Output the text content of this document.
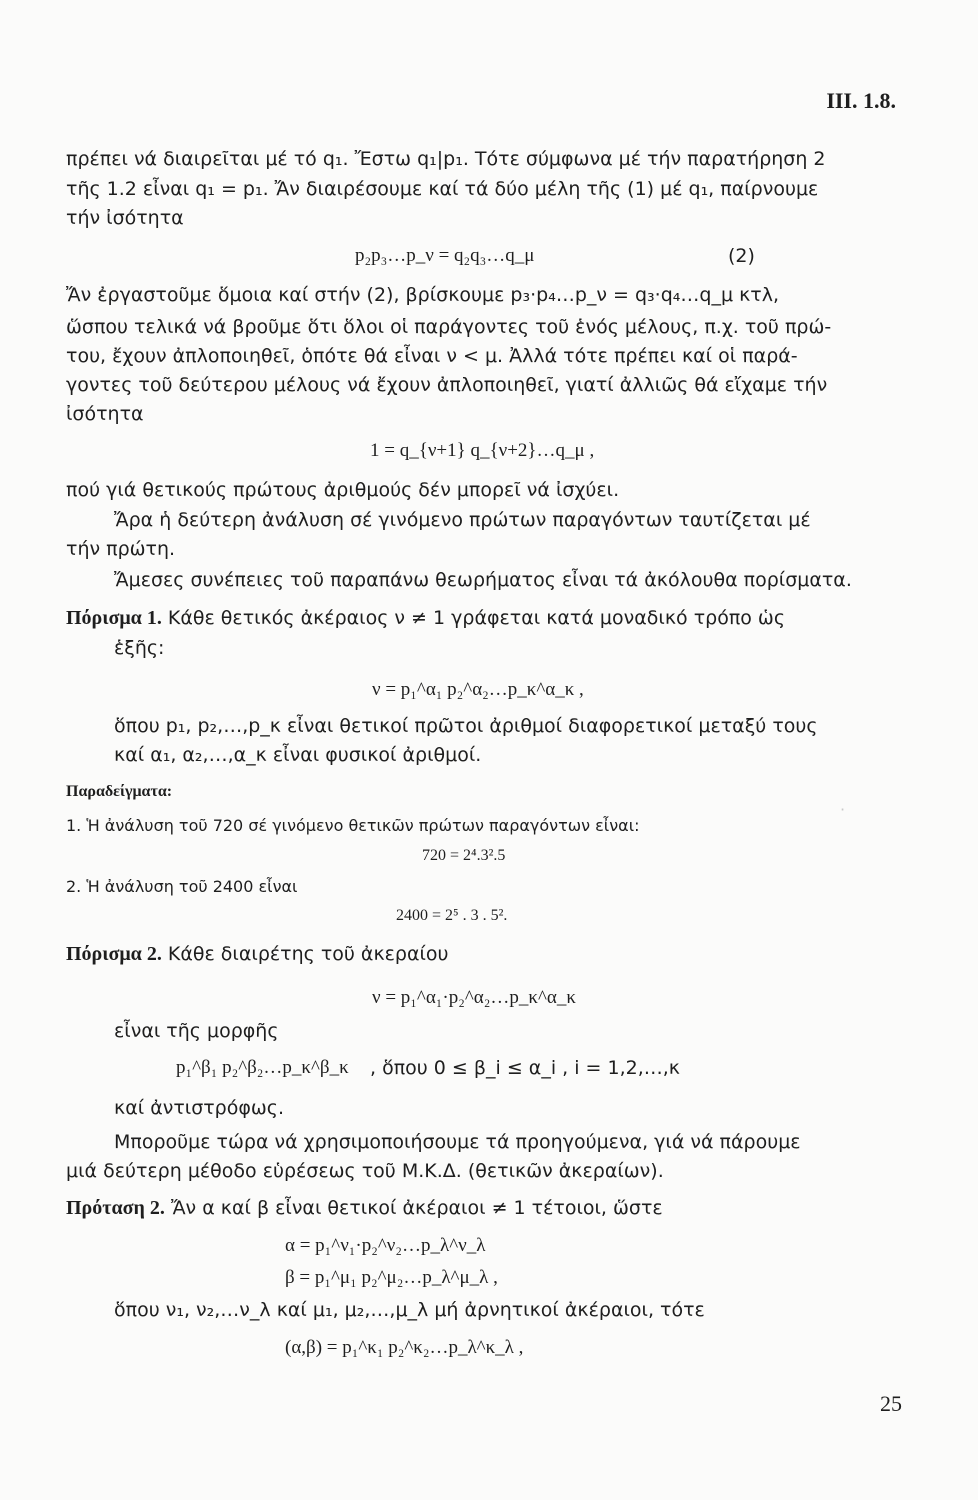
ΙΙΙ. 1.8.
·
πρέπει νά διαιρεῖται μέ τό q₁. Ἔστω q₁|p₁. Τότε σύμφωνα μέ τήν παρατήρηση 2
τῆς 1.2 εἶναι q₁ = p₁. Ἄν διαιρέσουμε καί τά δύο μέλη τῆς (1) μέ q₁, παίρνουμε
τήν ἰσότητα
p₂p₃…p_ν = q₂q₃…q_μ	(2)
Ἄν ἐργαστοῦμε ὅμοια καί στήν (2), βρίσκουμε p₃·p₄…p_ν = q₃·q₄…q_μ κτλ,
ὥσπου τελικά νά βροῦμε ὅτι ὅλοι οἱ παράγοντες τοῦ ἑνός μέλους, π.χ. τοῦ πρώ-
του, ἔχουν ἀπλοποιηθεῖ, ὁπότε θά εἶναι ν < μ. Ἀλλά τότε πρέπει καί οἱ παρά-
γοντες τοῦ δεύτερου μέλους νά ἔχουν ἀπλοποιηθεῖ, γιατί ἀλλιῶς θά εἴχαμε τήν
ἰσότητα
1 = q_{ν+1} q_{ν+2}…q_μ ,
πού γιά θετικούς πρώτους ἀριθμούς δέν μπορεῖ νά ἰσχύει.
Ἄρα ἡ δεύτερη ἀνάλυση σέ γινόμενο πρώτων παραγόντων ταυτίζεται μέ
τήν πρώτη.
Ἄμεσες συνέπειες τοῦ παραπάνω θεωρήματος εἶναι τά ἀκόλουθα πορίσματα.
Πόρισμα 1. Κάθε θετικός ἀκέραιος ν ≠ 1 γράφεται κατά μοναδικό τρόπο ὡς
ἑξῆς:
ν = p₁^α₁ p₂^α₂…p_κ^α_κ ,
ὅπου p₁, p₂,…,p_κ εἶναι θετικοί πρῶτοι ἀριθμοί διαφορετικοί μεταξύ τους
καί α₁, α₂,…,α_κ εἶναι φυσικοί ἀριθμοί.
Παραδείγματα:
1. Ἡ ἀνάλυση τοῦ 720 σέ γινόμενο θετικῶν πρώτων παραγόντων εἶναι:
720 = 2⁴.3².5
2. Ἡ ἀνάλυση τοῦ 2400 εἶναι
2400 = 2⁵ . 3 . 5².
Πόρισμα 2. Κάθε διαιρέτης τοῦ ἀκεραίου
ν = p₁^α₁·p₂^α₂…p_κ^α_κ
εἶναι τῆς μορφῆς
p₁^β₁ p₂^β₂…p_κ^β_κ , ὅπου 0 ≤ β_i ≤ α_i , i = 1,2,…,κ
καί ἀντιστρόφως.
Μποροῦμε τώρα νά χρησιμοποιήσουμε τά προηγούμενα, γιά νά πάρουμε
μιά δεύτερη μέθοδο εὑρέσεως τοῦ Μ.Κ.Δ. (θετικῶν ἀκεραίων).
Πρόταση 2. Ἄν α καί β εἶναι θετικοί ἀκέραιοι ≠ 1 τέτοιοι, ὥστε
α = p₁^ν₁·p₂^ν₂…p_λ^ν_λ
β = p₁^μ₁ p₂^μ₂…p_λ^μ_λ ,
ὅπου ν₁, ν₂,…ν_λ καί μ₁, μ₂,…,μ_λ μή ἀρνητικοί ἀκέραιοι, τότε
(α,β) = p₁^κ₁ p₂^κ₂…p_λ^κ_λ ,
25
